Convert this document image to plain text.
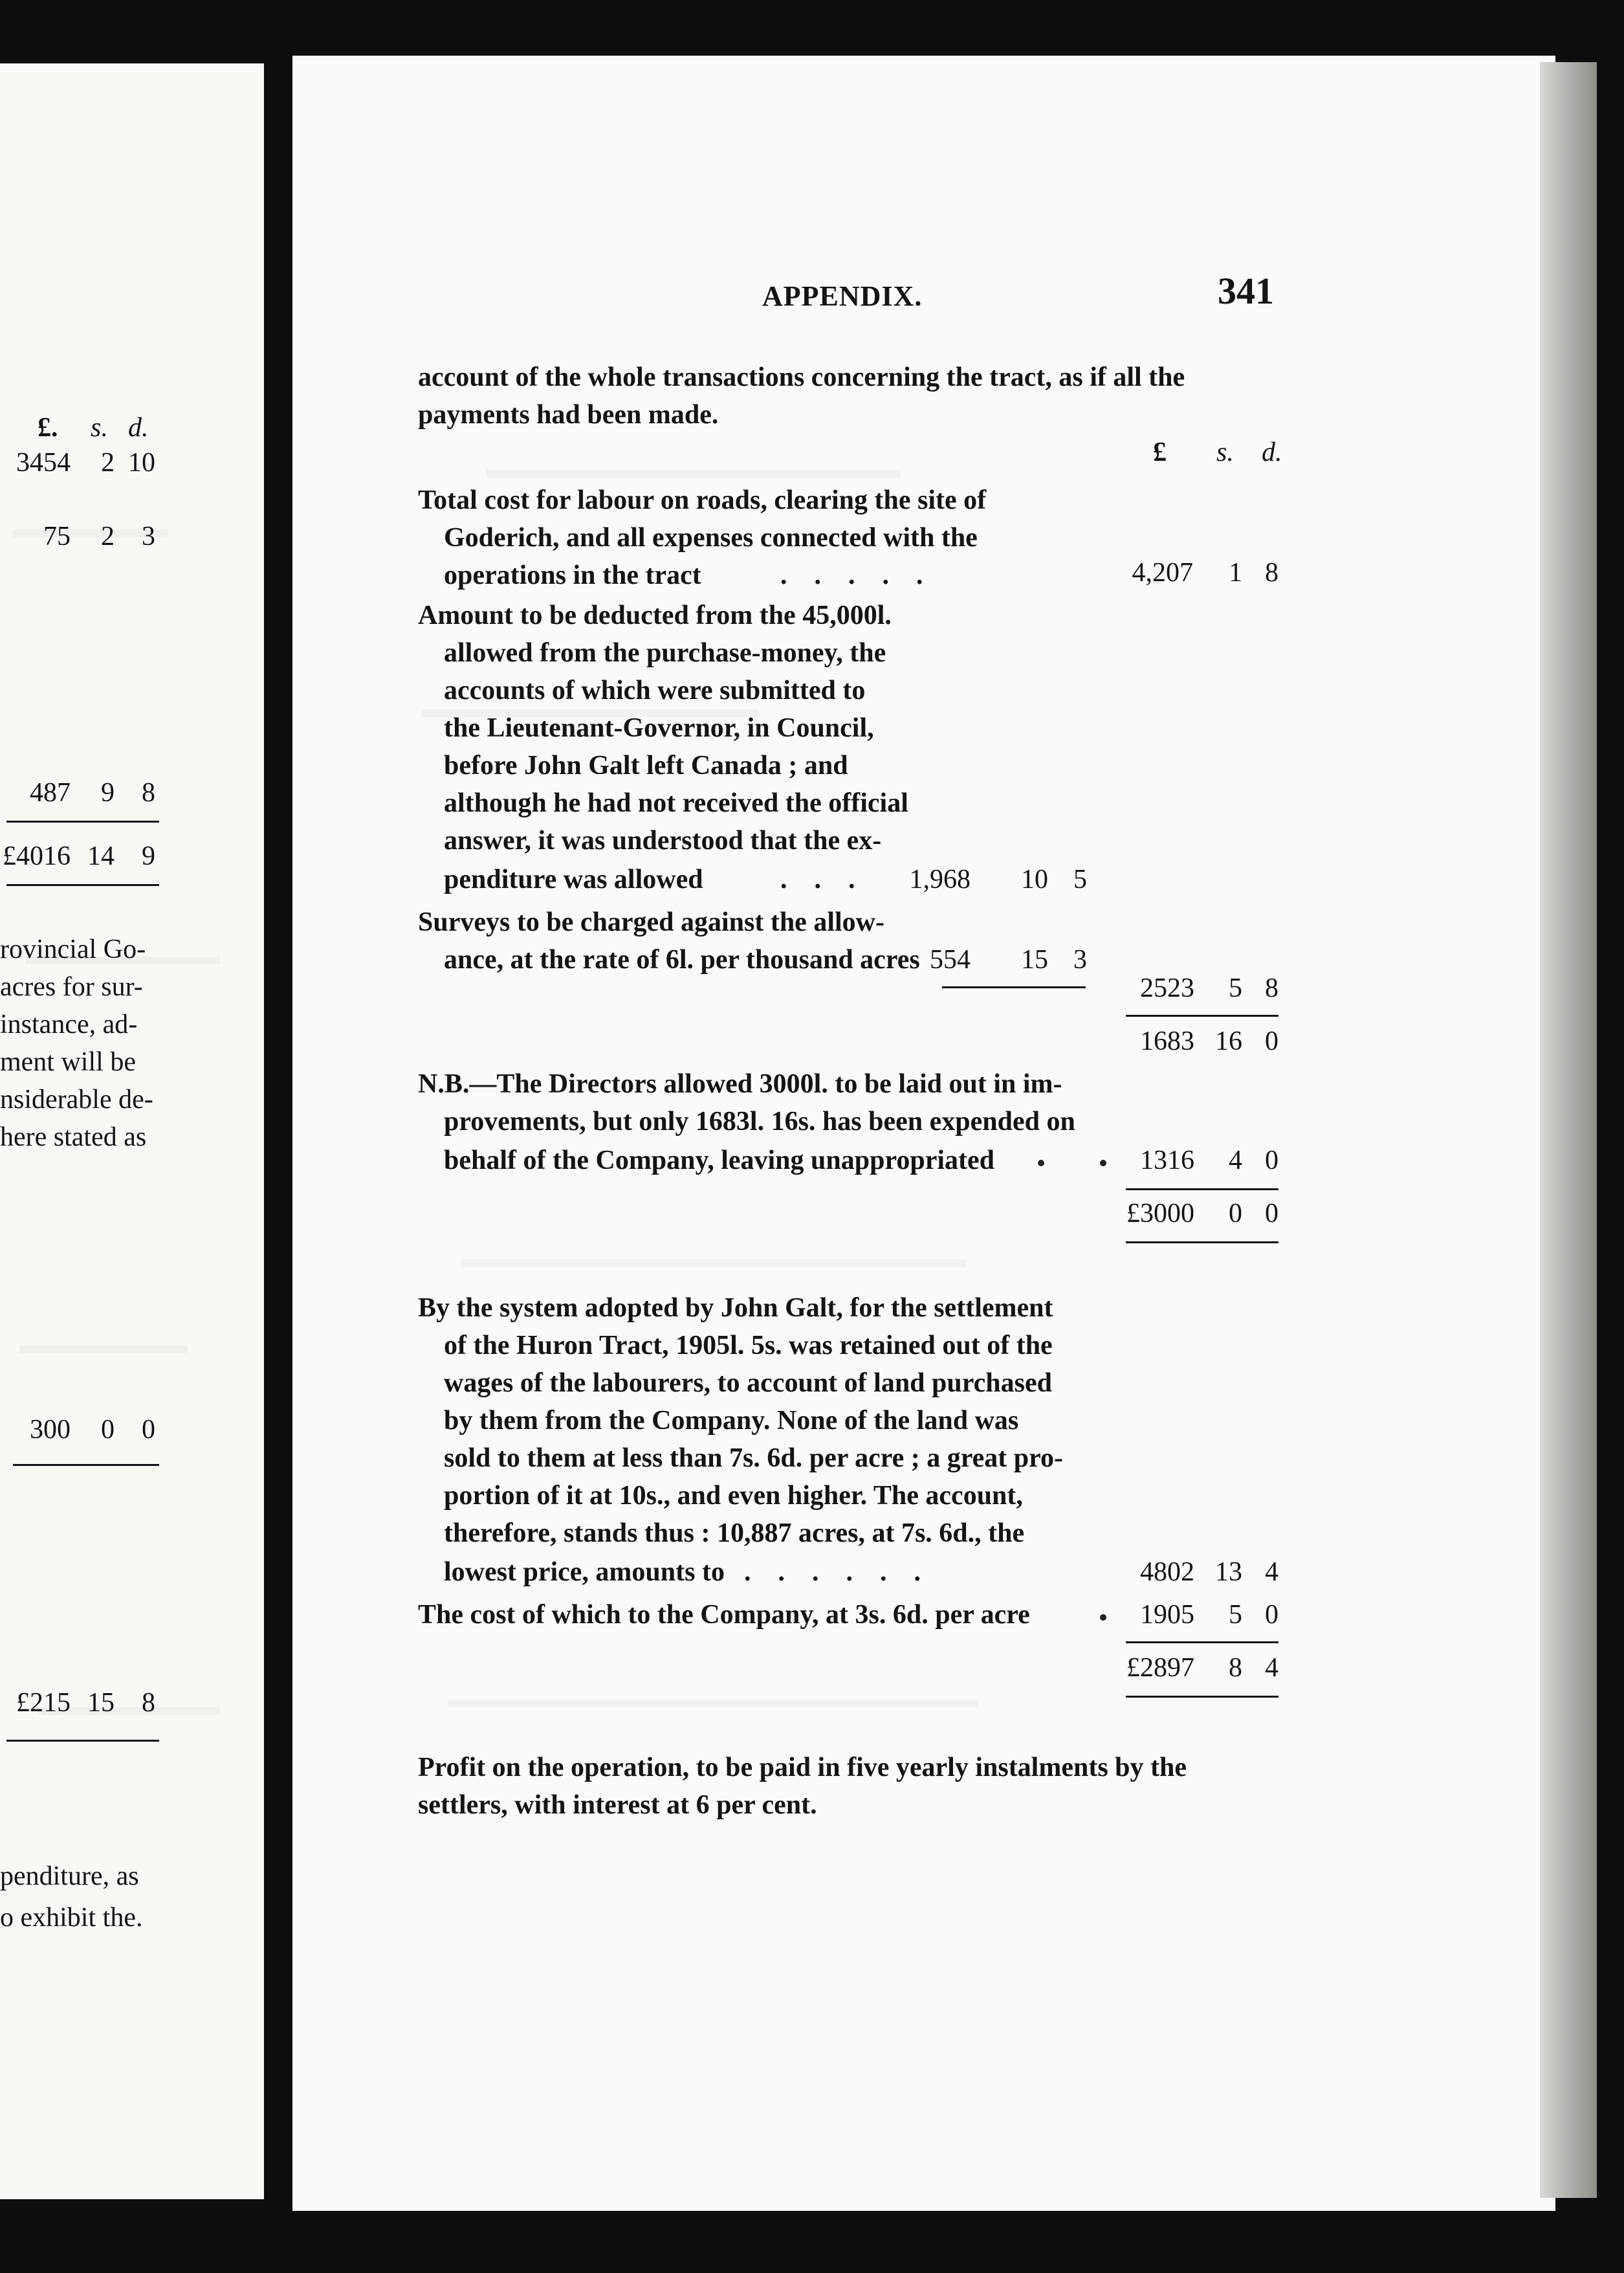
£. s. d.
3454 2 10
75 2 3
487 9 8
£4016 14 9
rovincial Go-
acres for sur-
instance, ad-
ment will be
nsiderable de-
here stated as
300 0 0
£215 15 8
penditure, as
o exhibit the.
APPENDIX.	341
account of the whole transactions concerning the tract, as if all the
payments had been made.
£ s. d.
Total cost for labour on roads, clearing the site of
Goderich, and all expenses connected with the
operations in the tract	.    .    .    .    .	4,207 1 8
Amount to be deducted from the 45,000l.
allowed from the purchase-money, the
accounts of which were submitted to
the Lieutenant-Governor, in Council,
before John Galt left Canada ; and
although he had not received the official
answer, it was understood that the ex-
penditure was allowed	.    .    . 1,968 10 5
Surveys to be charged against the allow-
ance, at the rate of 6l. per thousand acres 554 15 3
2523 5 8
1683 16 0
N.B.—The Directors allowed 3000l. to be laid out in im-
provements, but only 1683l. 16s. has been expended on
behalf of the Company, leaving unappropriated	1316 4 0
£3000 0 0
By the system adopted by John Galt, for the settlement
of the Huron Tract, 1905l. 5s. was retained out of the
wages of the labourers, to account of land purchased
by them from the Company. None of the land was
sold to them at less than 7s. 6d. per acre ; a great pro-
portion of it at 10s., and even higher. The account,
therefore, stands thus : 10,887 acres, at 7s. 6d., the
lowest price, amounts to .    .    .    .    .    .	4802 13 4
The cost of which to the Company, at 3s. 6d. per acre	1905 5 0
£2897 8 4
Profit on the operation, to be paid in five yearly instalments by the
settlers, with interest at 6 per cent.
